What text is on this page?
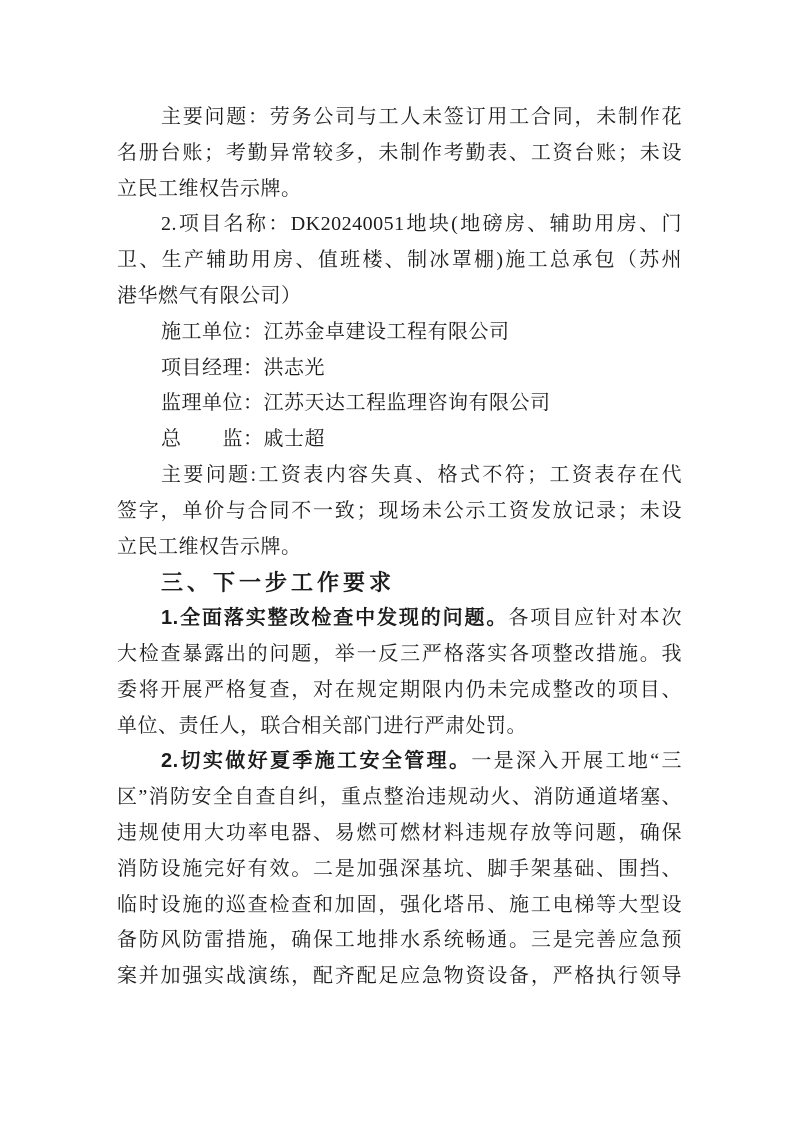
主要问题：劳务公司与工人未签订用工合同，未制作花
名册台账；考勤异常较多，未制作考勤表、工资台账；未设
立民工维权告示牌。
2.项目名称：DK20240051地块(地磅房、辅助用房、门
卫、生产辅助用房、值班楼、制冰罩棚)施工总承包（苏州
港华燃气有限公司）
施工单位：江苏金卓建设工程有限公司
项目经理：洪志光
监理单位：江苏天达工程监理咨询有限公司
总　　监：戚士超
主要问题:工资表内容失真、格式不符；工资表存在代
签字，单价与合同不一致；现场未公示工资发放记录；未设
立民工维权告示牌。
三、下一步工作要求
1.全面落实整改检查中发现的问题。各项目应针对本次
大检查暴露出的问题，举一反三严格落实各项整改措施。我
委将开展严格复查，对在规定期限内仍未完成整改的项目、
单位、责任人，联合相关部门进行严肃处罚。
2.切实做好夏季施工安全管理。一是深入开展工地“三
区”消防安全自查自纠，重点整治违规动火、消防通道堵塞、
违规使用大功率电器、易燃可燃材料违规存放等问题，确保
消防设施完好有效。二是加强深基坑、脚手架基础、围挡、
临时设施的巡查检查和加固，强化塔吊、施工电梯等大型设
备防风防雷措施，确保工地排水系统畅通。三是完善应急预
案并加强实战演练，配齐配足应急物资设备，严格执行领导
